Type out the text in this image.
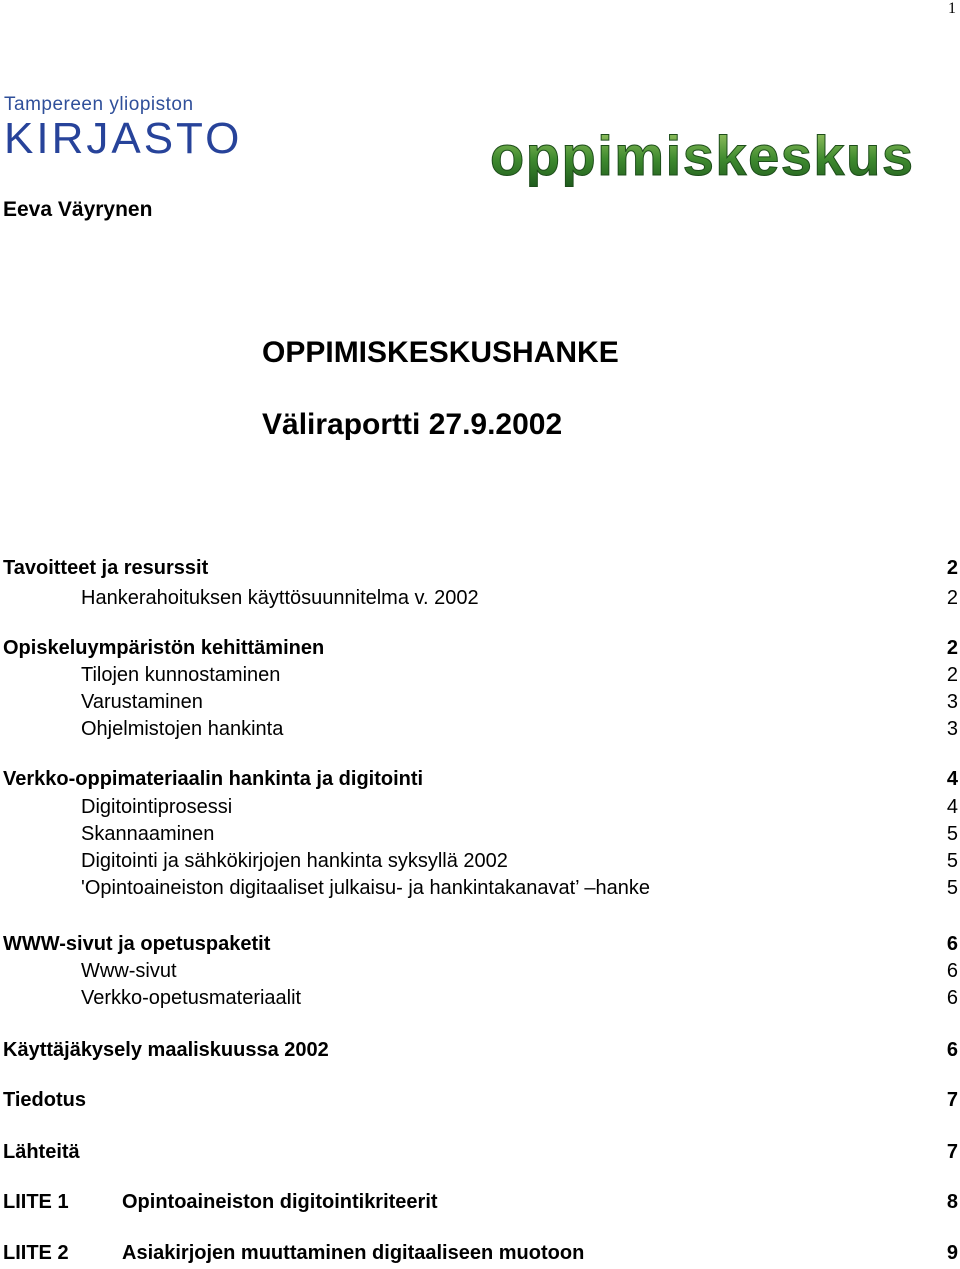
1
Tampereen yliopiston
KIRJASTO	oppimiskeskus
Eeva Väyrynen
OPPIMISKESKUSHANKE
Väliraportti 27.9.2002
Tavoitteet ja resurssit	2
Hankerahoituksen käyttösuunnitelma v. 2002	2
Opiskeluympäristön kehittäminen	2
Tilojen kunnostaminen	2
Varustaminen	3
Ohjelmistojen hankinta	3
Verkko-oppimateriaalin hankinta ja digitointi	4
Digitointiprosessi	4
Skannaaminen	5
Digitointi ja sähkökirjojen hankinta syksyllä 2002	5
'Opintoaineiston digitaaliset julkaisu- ja hankintakanavat’ –hanke	5
WWW-sivut ja opetuspaketit	6
Www-sivut	6
Verkko-opetusmateriaalit	6
Käyttäjäkysely maaliskuussa 2002	6
Tiedotus	7
Lähteitä	7
LIITE 1	Opintoaineiston digitointikriteerit	8
LIITE 2	Asiakirjojen muuttaminen digitaaliseen muotoon	9
